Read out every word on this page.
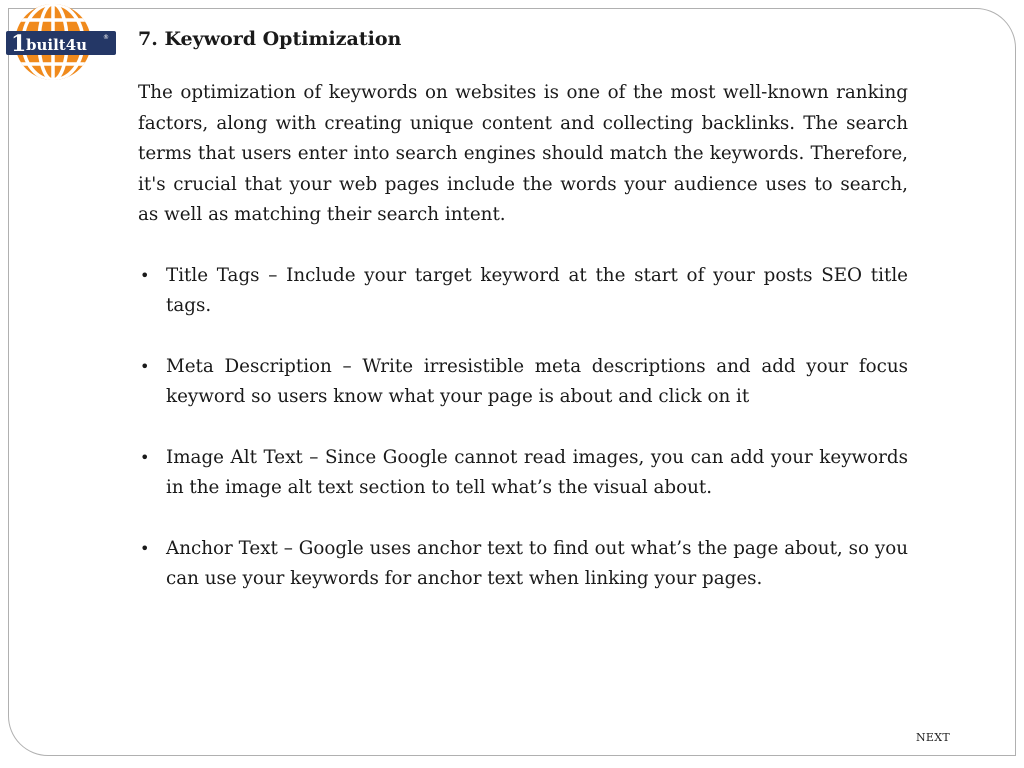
1 built4u	® 7. Keyword Optimization

The optimization of keywords on websites is one of the most well-known ranking factors, along with creating unique content and collecting backlinks. The search terms that users enter into search engines should match the keywords. Therefore, it's crucial that your web pages include the words your audience uses to search, as well as matching their search intent.

• Title Tags – Include your target keyword at the start of your posts SEO title tags.
• Meta Description – Write irresistible meta descriptions and add your focus keyword so users know what your page is about and click on it
• Image Alt Text – Since Google cannot read images, you can add your keywords in the image alt text section to tell what’s the visual about.
• Anchor Text – Google uses anchor text to find out what’s the page about, so you can use your keywords for anchor text when linking your pages.
NEXT
